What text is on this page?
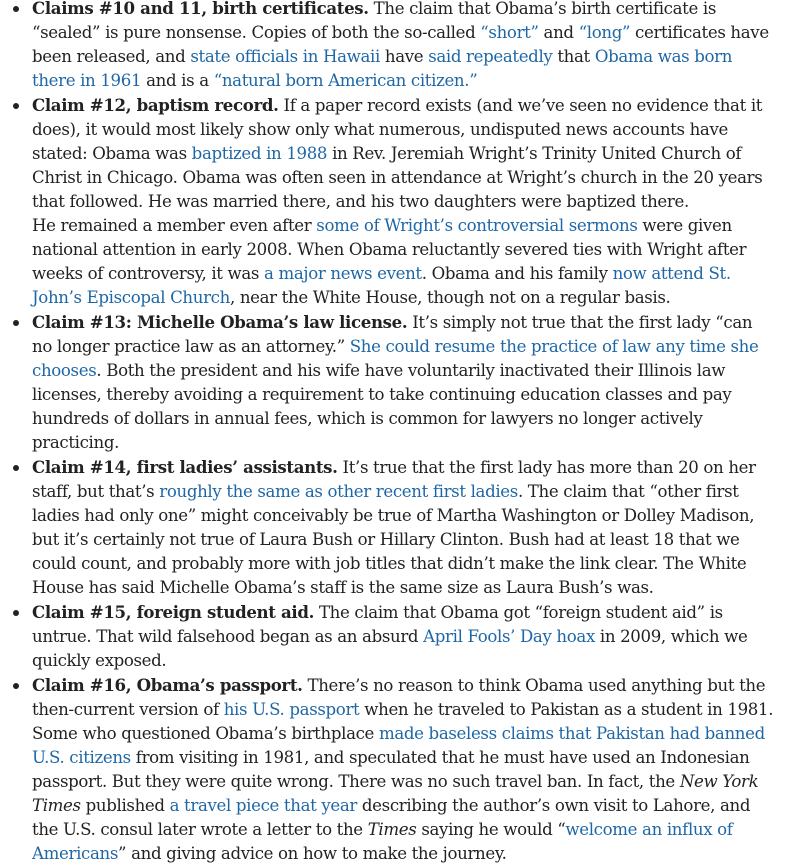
Claims #10 and 11, birth certificates. The claim that Obama’s birth certificate is “sealed” is pure nonsense. Copies of both the so-called “short” and “long” certificates have been released, and state officials in Hawaii have said repeatedly that Obama was born there in 1961 and is a “natural born American citizen.”
Claim #12, baptism record. If a paper record exists (and we’ve seen no evidence that it does), it would most likely show only what numerous, undisputed news accounts have stated: Obama was baptized in 1988 in Rev. Jeremiah Wright’s Trinity United Church of Christ in Chicago. Obama was often seen in attendance at Wright’s church in the 20 years that followed. He was married there, and his two daughters were baptized there.

He remained a member even after some of Wright’s controversial sermons were given national attention in early 2008. When Obama reluctantly severed ties with Wright after weeks of controversy, it was a major news event. Obama and his family now attend St. John’s Episcopal Church, near the White House, though not on a regular basis.

Claim #13: Michelle Obama’s law license. It’s simply not true that the first lady “can no longer practice law as an attorney.” She could resume the practice of law any time she chooses. Both the president and his wife have voluntarily inactivated their Illinois law licenses, thereby avoiding a requirement to take continuing education classes and pay hundreds of dollars in annual fees, which is common for lawyers no longer actively practicing.
Claim #14, first ladies’ assistants. It’s true that the first lady has more than 20 on her staff, but that’s roughly the same as other recent first ladies. The claim that “other first ladies had only one” might conceivably be true of Martha Washington or Dolley Madison, but it’s certainly not true of Laura Bush or Hillary Clinton. Bush had at least 18 that we could count, and probably more with job titles that didn’t make the link clear. The White House has said Michelle Obama’s staff is the same size as Laura Bush’s was.
Claim #15, foreign student aid. The claim that Obama got “foreign student aid” is untrue. That wild falsehood began as an absurd April Fools’ Day hoax in 2009, which we quickly exposed.
Claim #16, Obama’s passport. There’s no reason to think Obama used anything but the then-current version of his U.S. passport when he traveled to Pakistan as a student in 1981. Some who questioned Obama’s birthplace made baseless claims that Pakistan had banned U.S. citizens from visiting in 1981, and speculated that he must have used an Indonesian passport. But they were quite wrong. There was no such travel ban. In fact, the New York Times published a travel piece that year describing the author’s own visit to Lahore, and the U.S. consul later wrote a letter to the Times saying he would “welcome an influx of Americans” and giving advice on how to make the journey.
